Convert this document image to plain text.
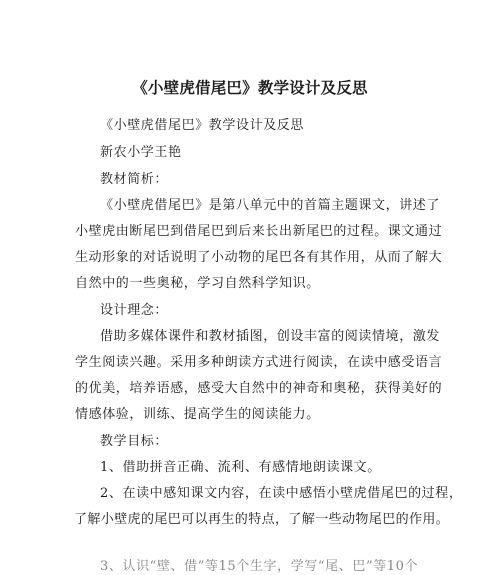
《小壁虎借尾巴》教学设计及反思
《小壁虎借尾巴》教学设计及反思
新农小学王艳
教材简析：
《小壁虎借尾巴》是第八单元中的首篇主题课文，讲述了
小壁虎由断尾巴到借尾巴到后来长出新尾巴的过程。课文通过
生动形象的对话说明了小动物的尾巴各有其作用，从而了解大
自然中的一些奥秘，学习自然科学知识。
设计理念：
借助多媒体课件和教材插图，创设丰富的阅读情境，激发
学生阅读兴趣。采用多种朗读方式进行阅读，在读中感受语言
的优美，培养语感，感受大自然中的神奇和奥秘，获得美好的
情感体验，训练、提高学生的阅读能力。
教学目标：
1、借助拼音正确、流利、有感情地朗读课文。
2、在读中感知课文内容，在读中感悟小壁虎借尾巴的过程，
了解小壁虎的尾巴可以再生的特点，了解一些动物尾巴的作用。
3、认识“壁、借”等15个生字，学写“尾、巴”等10个
